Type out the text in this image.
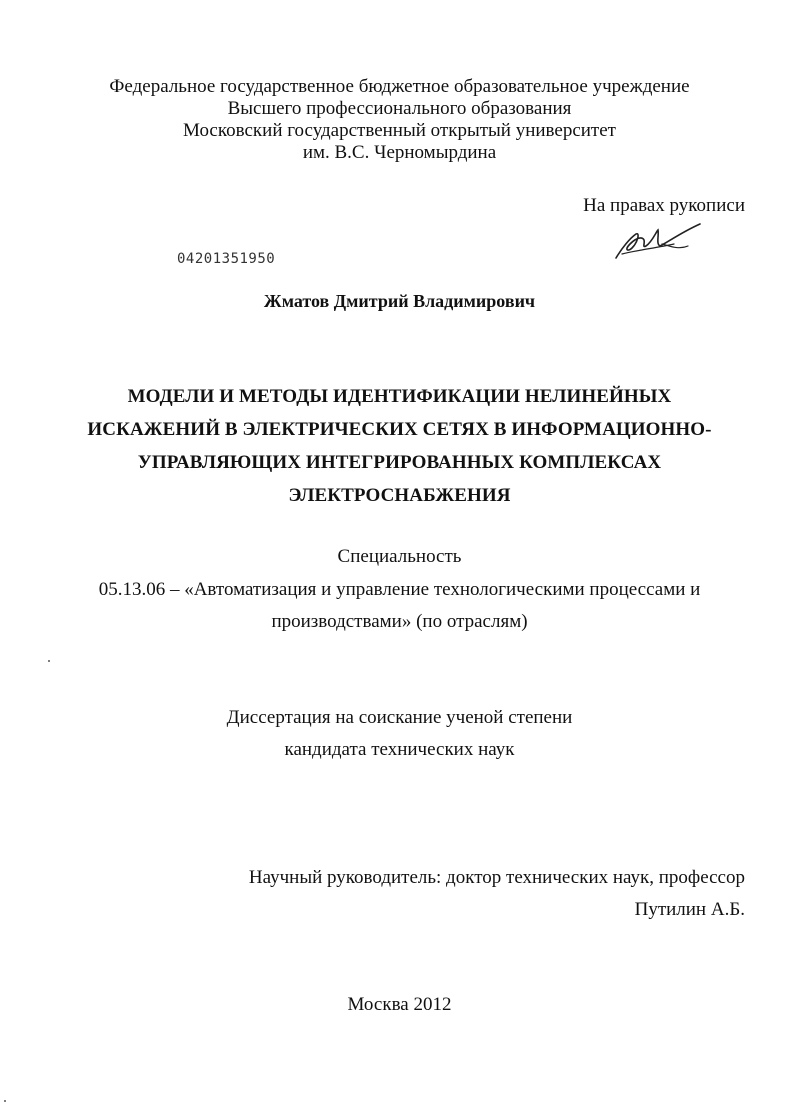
Федеральное государственное бюджетное образовательное учреждение
Высшего профессионального образования
Московский государственный открытый университет
им. В.С. Черномырдина
На правах рукописи
04201351950
Жматов Дмитрий Владимирович
МОДЕЛИ И МЕТОДЫ ИДЕНТИФИКАЦИИ НЕЛИНЕЙНЫХ
ИСКАЖЕНИЙ В ЭЛЕКТРИЧЕСКИХ СЕТЯХ В ИНФОРМАЦИОННО-
УПРАВЛЯЮЩИХ ИНТЕГРИРОВАННЫХ КОМПЛЕКСАХ
ЭЛЕКТРОСНАБЖЕНИЯ
Специальность
05.13.06 – «Автоматизация и управление технологическими процессами и
производствами» (по отраслям)
Диссертация на соискание ученой степени
кандидата технических наук
Научный руководитель: доктор технических наук, профессор
Путилин А.Б.
Москва 2012
